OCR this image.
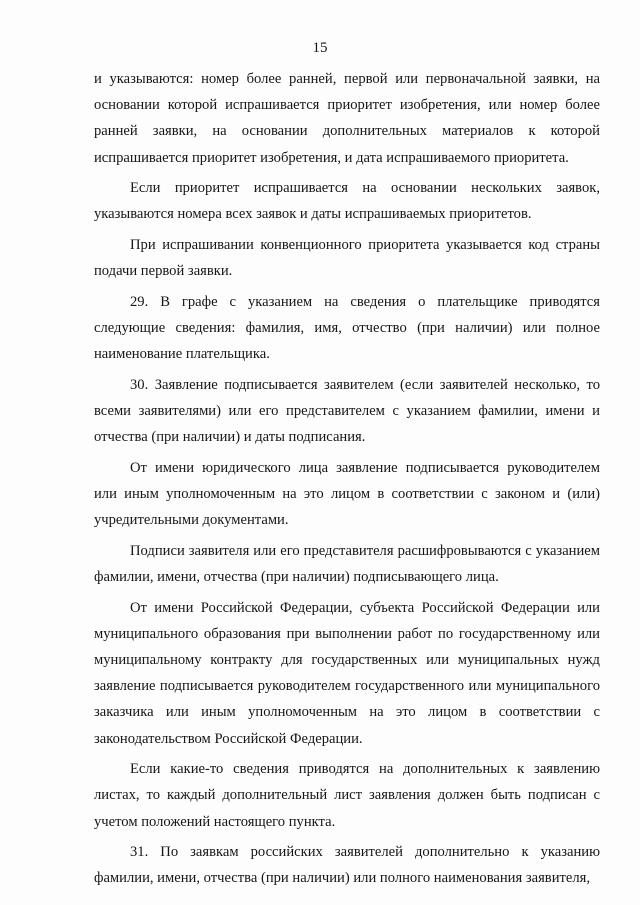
15

и указываются: номер более ранней, первой или первоначальной заявки, на основании которой испрашивается приоритет изобретения, или номер более ранней заявки, на основании дополнительных материалов к которой испрашивается приоритет изобретения, и дата испрашиваемого приоритета.

Если приоритет испрашивается на основании нескольких заявок, указываются номера всех заявок и даты испрашиваемых приоритетов.

При испрашивании конвенционного приоритета указывается код страны подачи первой заявки.

29. В графе с указанием на сведения о плательщике приводятся следующие сведения: фамилия, имя, отчество (при наличии) или полное наименование плательщика.

30. Заявление подписывается заявителем (если заявителей несколько, то всеми заявителями) или его представителем с указанием фамилии, имени и отчества (при наличии) и даты подписания.

От имени юридического лица заявление подписывается руководителем или иным уполномоченным на это лицом в соответствии с законом и (или) учредительными документами.

Подписи заявителя или его представителя расшифровываются с указанием фамилии, имени, отчества (при наличии) подписывающего лица.

От имени Российской Федерации, субъекта Российской Федерации или муниципального образования при выполнении работ по государственному или муниципальному контракту для государственных или муниципальных нужд заявление подписывается руководителем государственного или муниципального заказчика или иным уполномоченным на это лицом в соответствии с законодательством Российской Федерации.

Если какие-то сведения приводятся на дополнительных к заявлению листах, то каждый дополнительный лист заявления должен быть подписан с учетом положений настоящего пункта.

31. По заявкам российских заявителей дополнительно к указанию фамилии, имени, отчества (при наличии) или полного наименования заявителя,
